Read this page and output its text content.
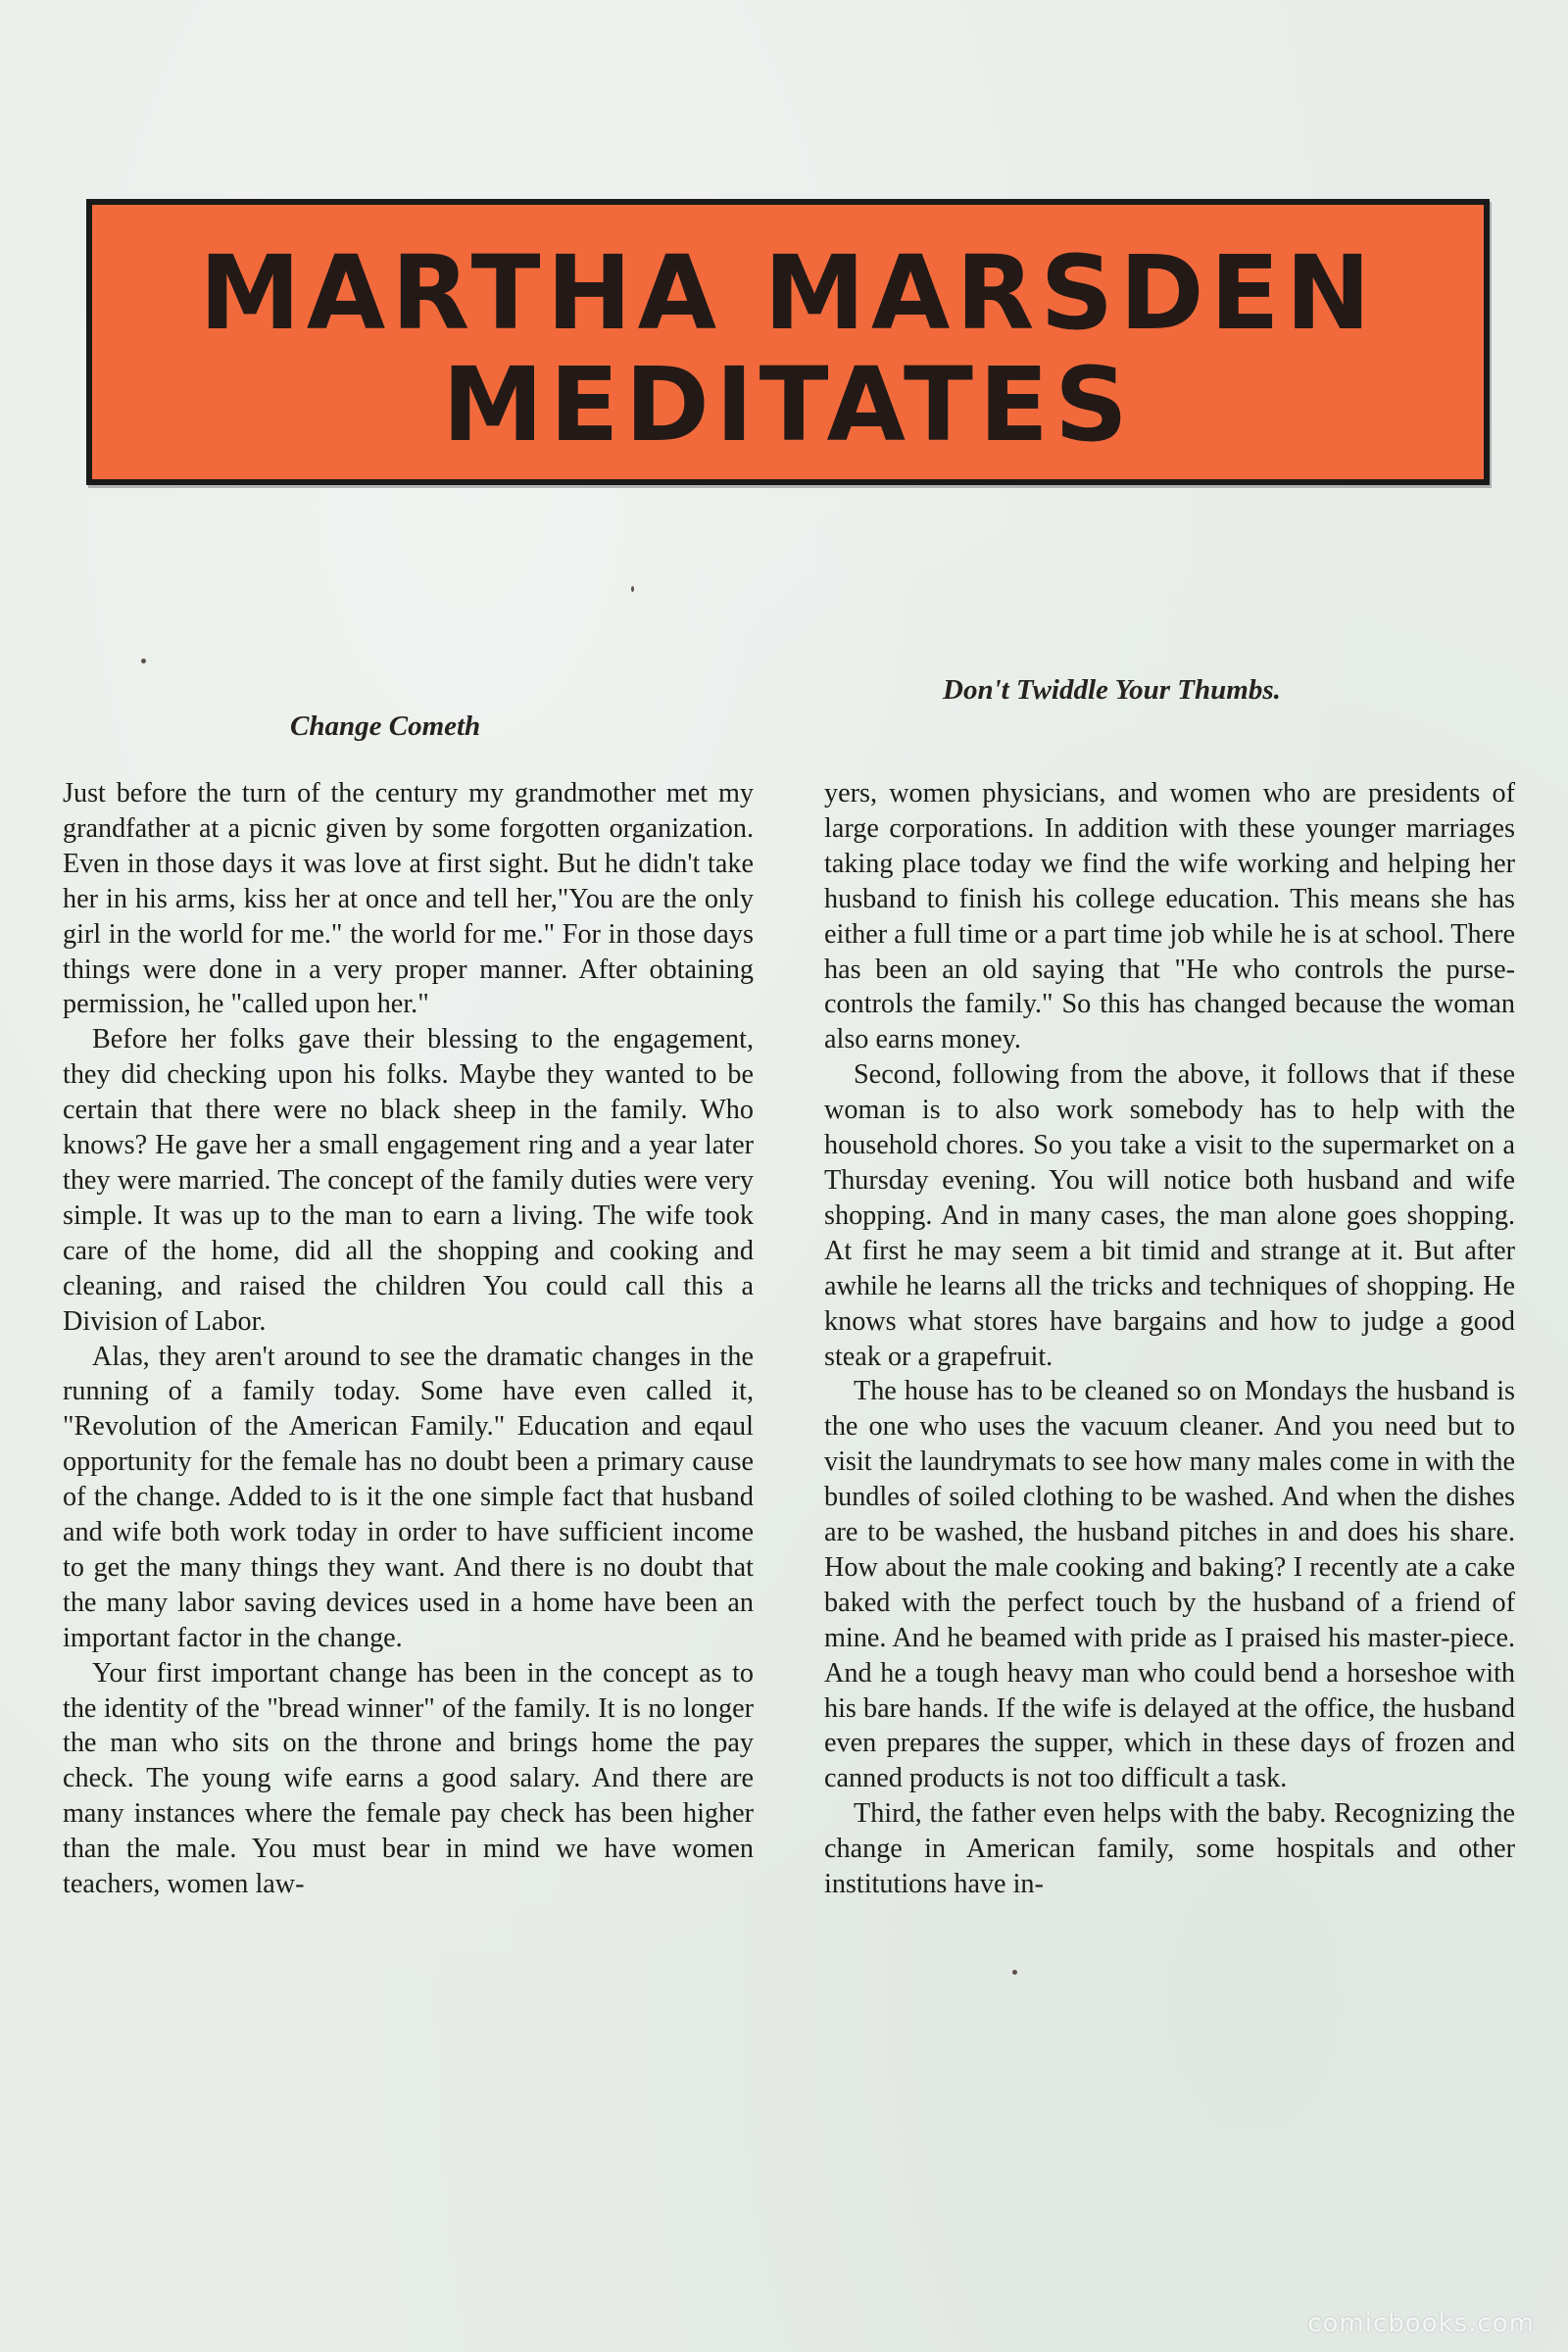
MARTHA MARSDEN
MEDITATES
Don't Twiddle Your Thumbs.
Change Cometh

Just before the turn of the century my grandmother met my grandfather at a picnic given by some forgotten organization. Even in those days it was love at first sight. But he didn't take her in his arms, kiss her at once and tell her,"You are the only girl in the world for me." the world for me." For in those days things were done in a very proper manner. After obtaining permission, he "called upon her."

Before her folks gave their blessing to the engagement, they did checking upon his folks. Maybe they wanted to be certain that there were no black sheep in the family. Who knows? He gave her a small engagement ring and a year later they were married. The concept of the family duties were very simple. It was up to the man to earn a living. The wife took care of the home, did all the shopping and cooking and cleaning, and raised the children You could call this a Division of Labor.

Alas, they aren't around to see the dramatic changes in the running of a family today. Some have even called it, "Revolution of the American Family." Education and eqaul opportunity for the female has no doubt been a primary cause of the change. Added to is it the one simple fact that husband and wife both work today in order to have sufficient income to get the many things they want. And there is no doubt that the many labor saving devices used in a home have been an important factor in the change.

Your first important change has been in the concept as to the identity of the "bread winner" of the family. It is no longer the man who sits on the throne and brings home the pay check. The young wife earns a good salary. And there are many instances where the female pay check has been higher than the male. You must bear in mind we have women teachers, women law-

yers, women physicians, and women who are presidents of large corporations. In addition with these younger marriages taking place today we find the wife working and helping her husband to finish his college education. This means she has either a full time or a part time job while he is at school. There has been an old saying that "He who controls the purse-controls the family." So this has changed because the woman also earns money.

Second, following from the above, it follows that if these woman is to also work somebody has to help with the household chores. So you take a visit to the supermarket on a Thursday evening. You will notice both husband and wife shopping. And in many cases, the man alone goes shopping. At first he may seem a bit timid and strange at it. But after awhile he learns all the tricks and techniques of shopping. He knows what stores have bargains and how to judge a good steak or a grapefruit.

The house has to be cleaned so on Mondays the husband is the one who uses the vacuum cleaner. And you need but to visit the laundrymats to see how many males come in with the bundles of soiled clothing to be washed. And when the dishes are to be washed, the husband pitches in and does his share. How about the male cooking and baking? I recently ate a cake baked with the perfect touch by the husband of a friend of mine. And he beamed with pride as I praised his master-piece. And he a tough heavy man who could bend a horseshoe with his bare hands. If the wife is delayed at the office, the husband even prepares the supper, which in these days of frozen and canned products is not too difficult a task.

Third, the father even helps with the baby. Recognizing the change in American family, some hospitals and other institutions have in-

comicbooks.com
